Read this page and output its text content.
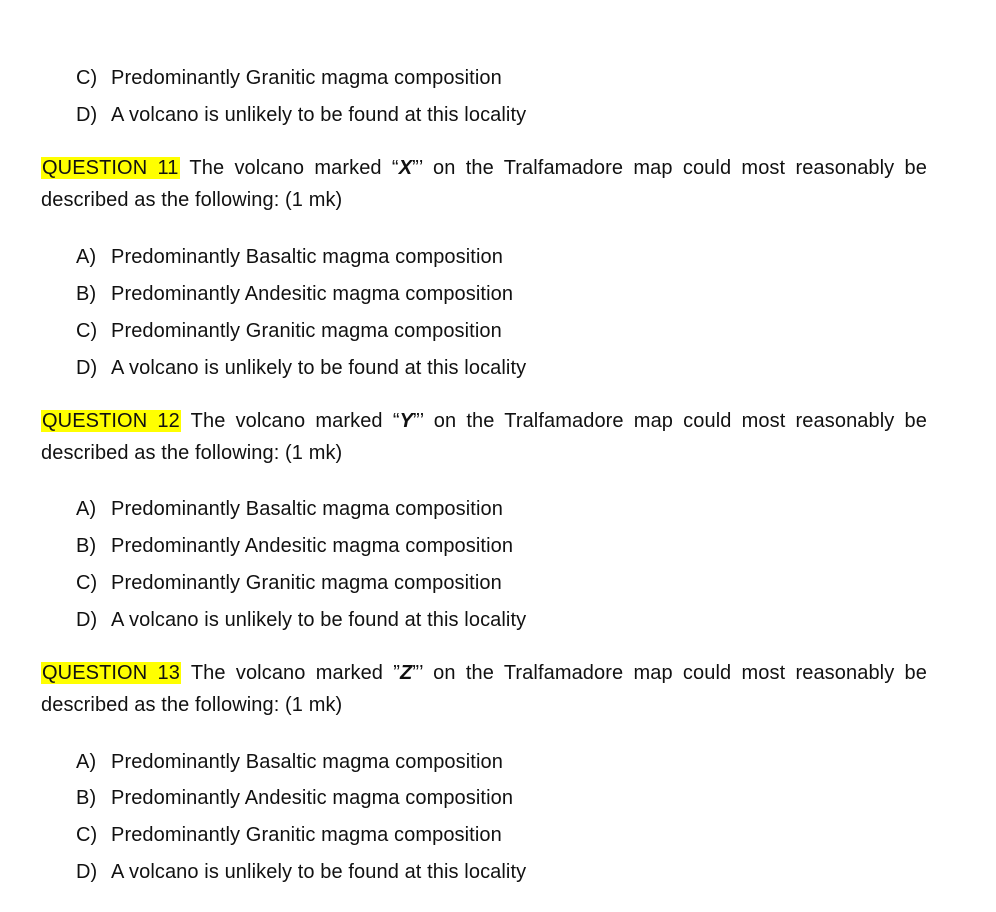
C) Predominantly Granitic magma composition
D) A volcano is unlikely to be found at this locality
QUESTION 11 The volcano marked “X”’ on the Tralfamadore map could most reasonably be
described as the following: (1 mk)
A) Predominantly Basaltic magma composition
B) Predominantly Andesitic magma composition
C) Predominantly Granitic magma composition
D) A volcano is unlikely to be found at this locality
QUESTION 12 The volcano marked “Y”’ on the Tralfamadore map could most reasonably be
described as the following: (1 mk)
A) Predominantly Basaltic magma composition
B) Predominantly Andesitic magma composition
C) Predominantly Granitic magma composition
D) A volcano is unlikely to be found at this locality
QUESTION 13 The volcano marked ”Z”’ on the Tralfamadore map could most reasonably be
described as the following: (1 mk)
A) Predominantly Basaltic magma composition
B) Predominantly Andesitic magma composition
C) Predominantly Granitic magma composition
D) A volcano is unlikely to be found at this locality
